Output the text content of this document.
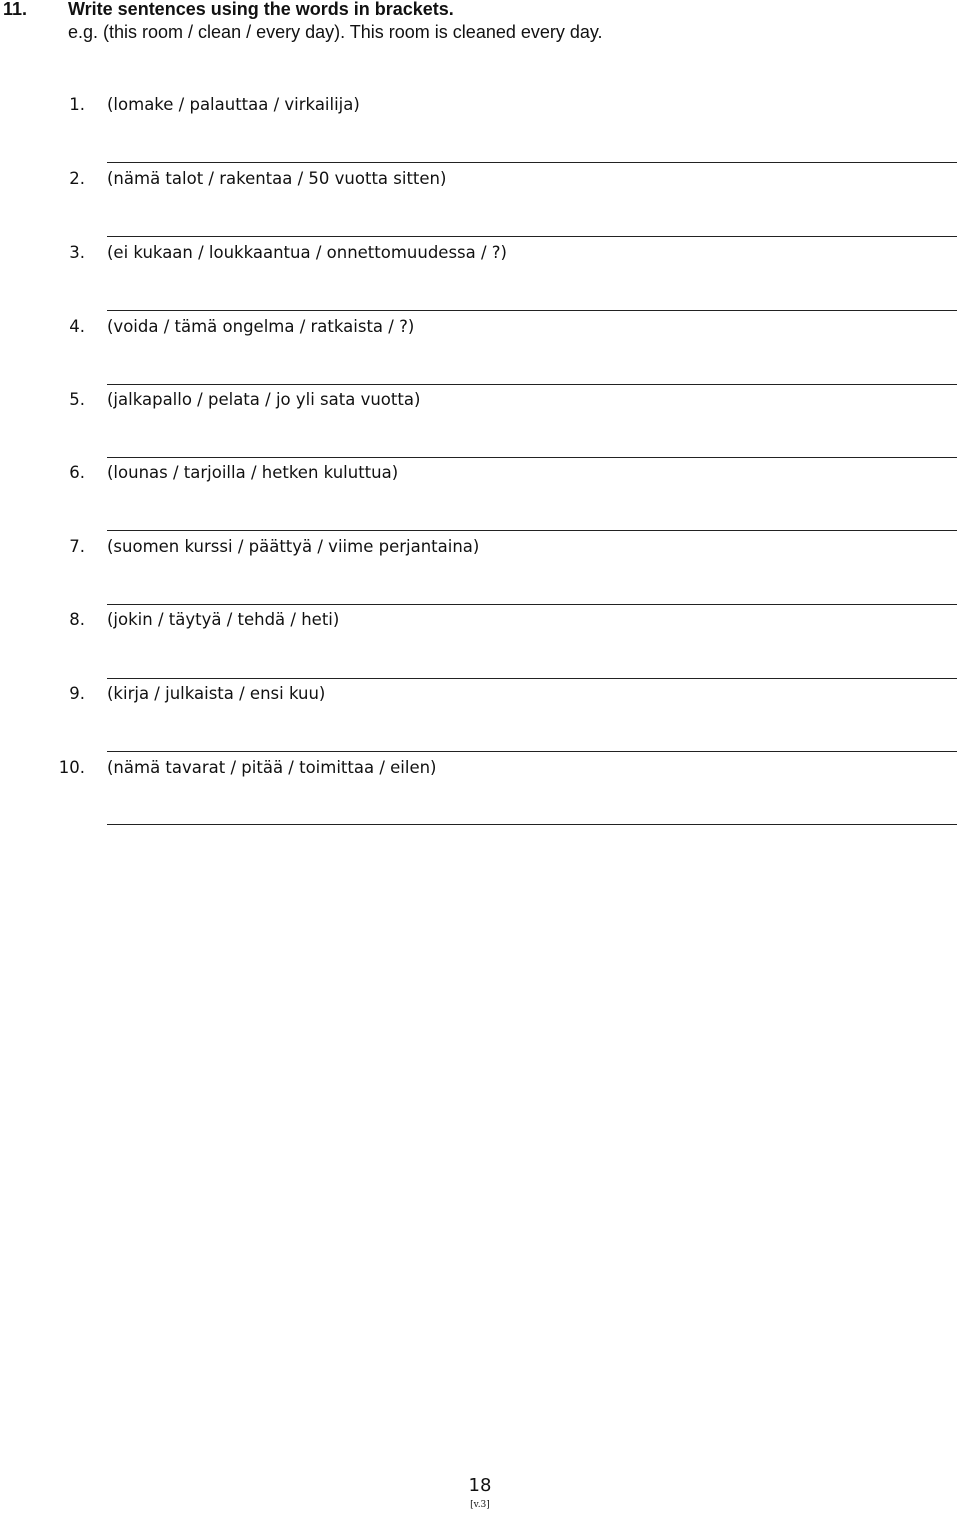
11. Write sentences using the words in brackets.
e.g. (this room / clean / every day). This room is cleaned every day.
1. (lomake / palauttaa / virkailija)
2. (nämä talot / rakentaa / 50 vuotta sitten)
3. (ei kukaan / loukkaantua / onnettomuudessa / ?)
4. (voida / tämä ongelma / ratkaista / ?)
5. (jalkapallo / pelata / jo yli sata vuotta)
6. (lounas / tarjoilla / hetken kuluttua)
7. (suomen kurssi / päättyä / viime perjantaina)
8. (jokin / täytyä / tehdä / heti)
9. (kirja / julkaista / ensi kuu)
10. (nämä tavarat / pitää / toimittaa / eilen)
18
[v.3]
